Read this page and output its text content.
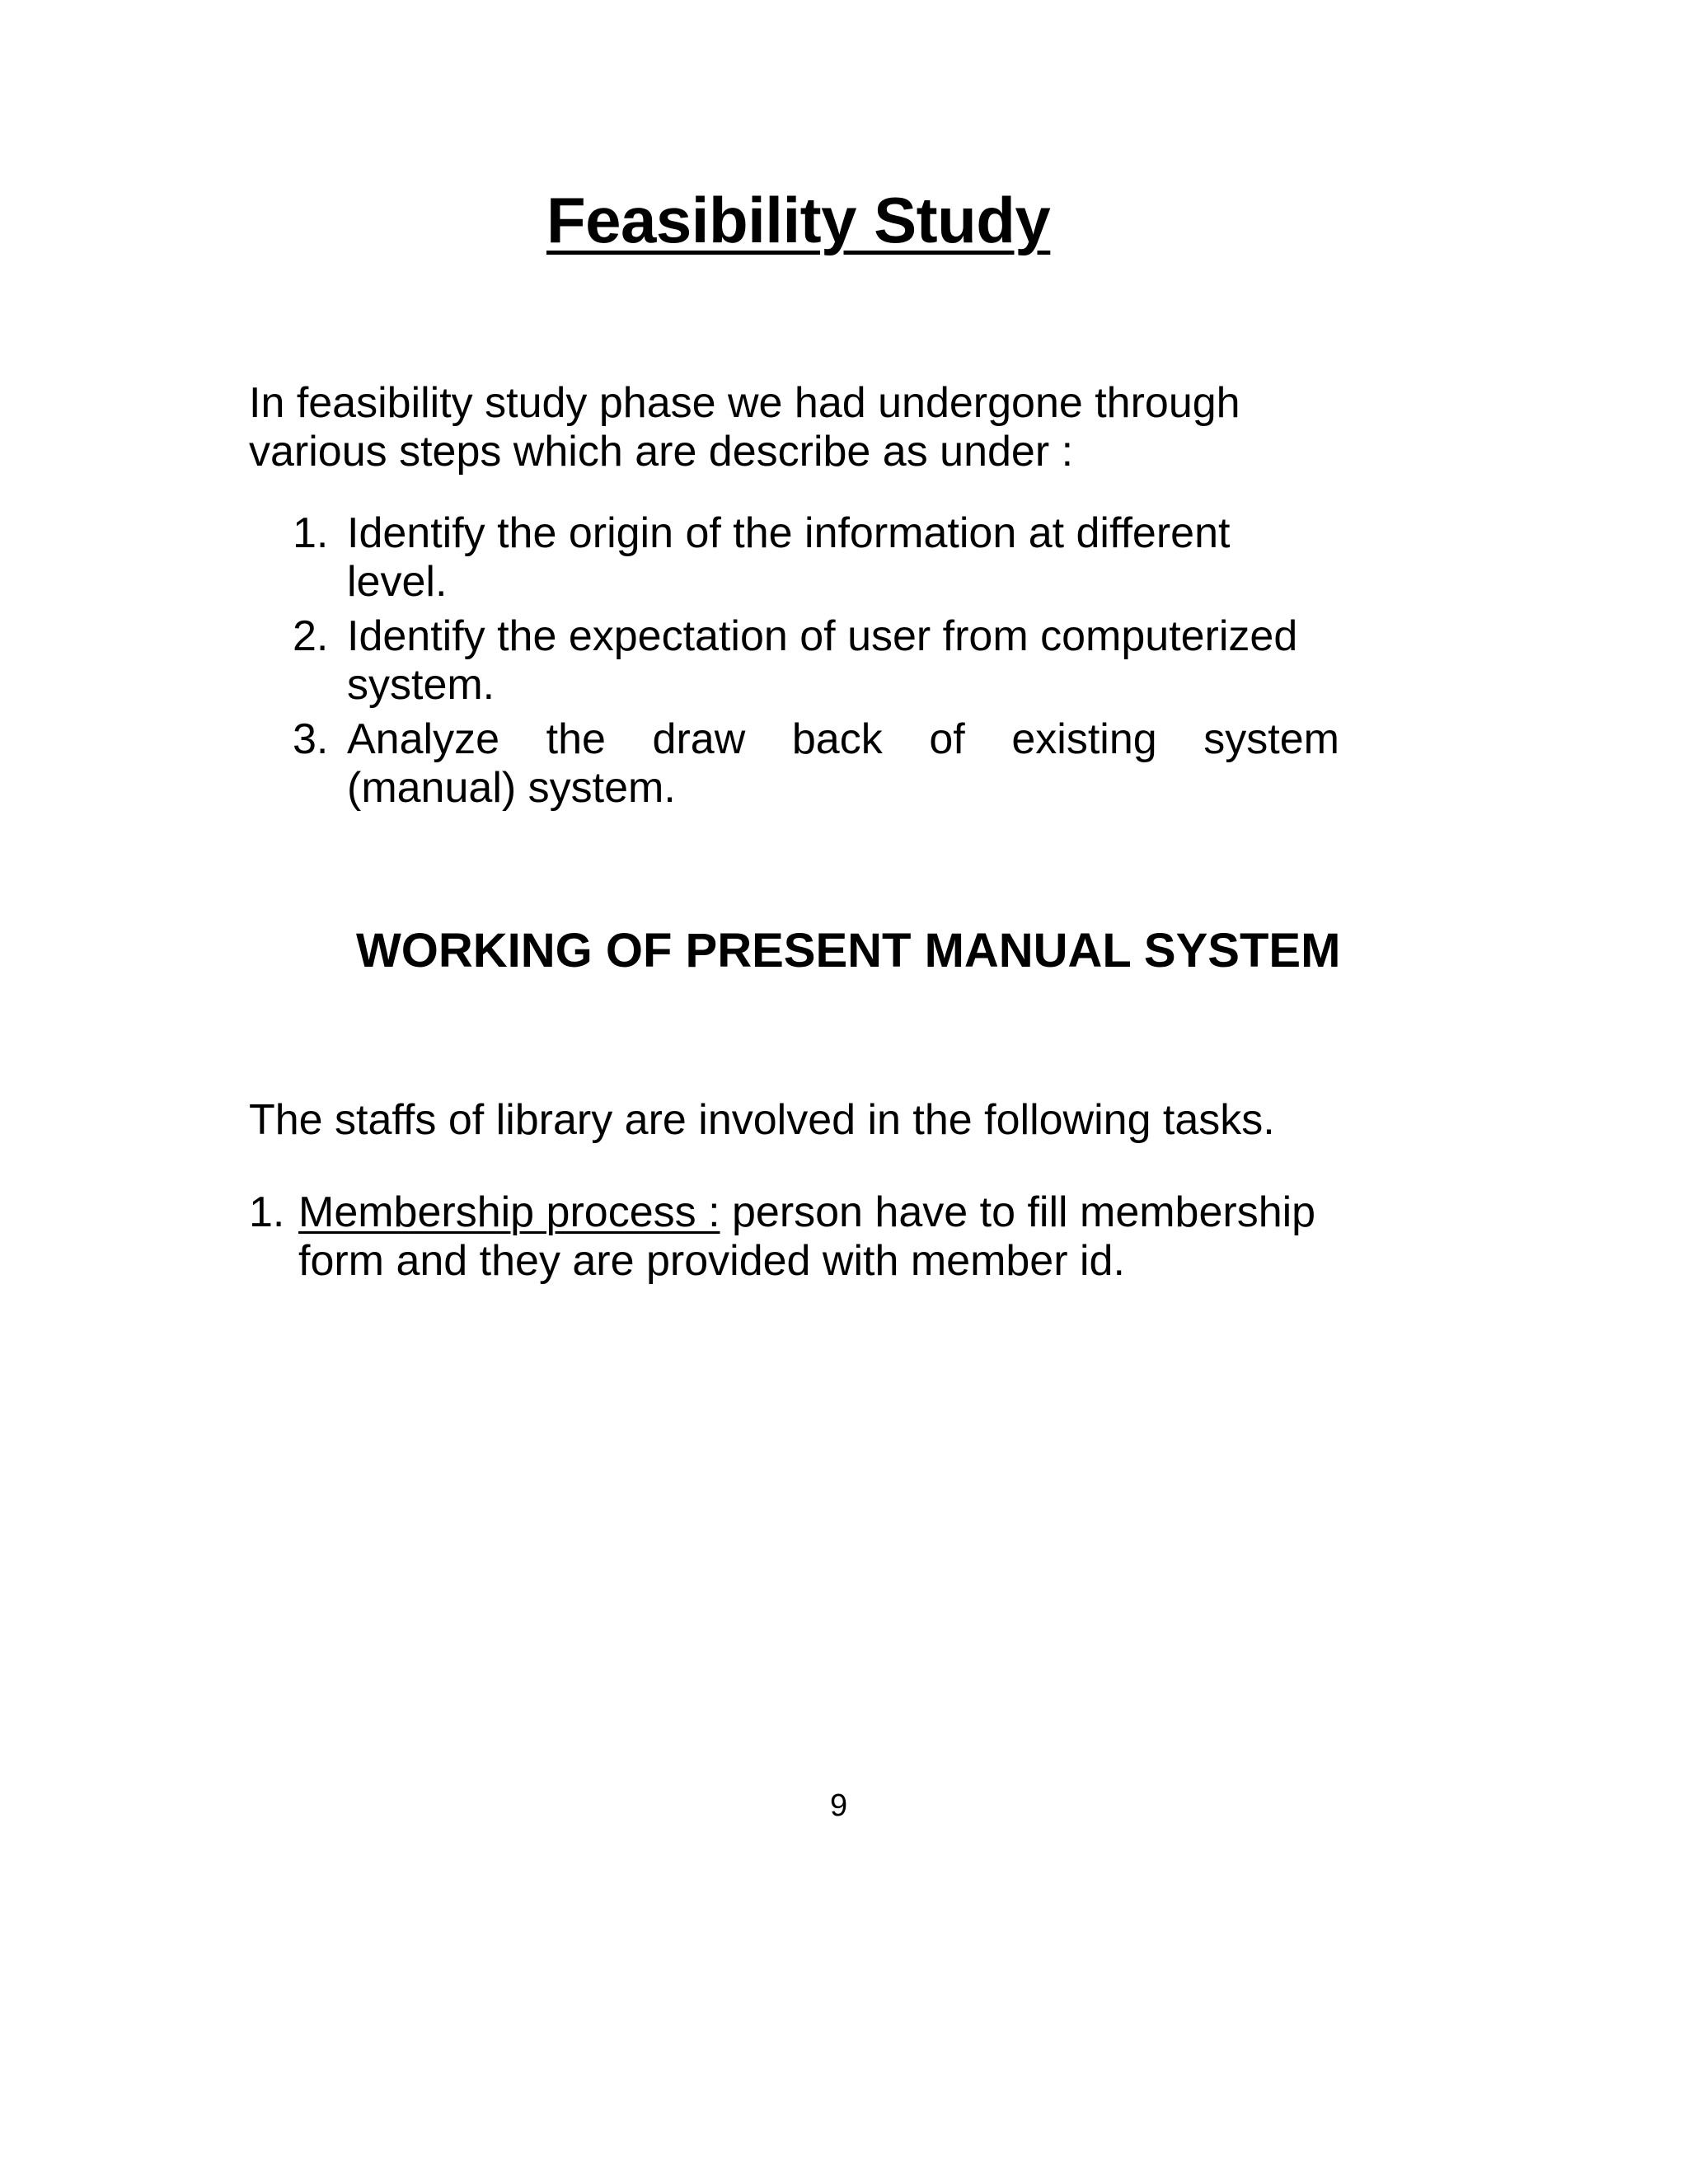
Feasibility Study

In feasibility study phase we had undergone through
various steps which are describe as under :

1. Identify the origin of the information at different level.
2. Identify the expectation of user from computerized
system.
3. Analyze the draw back of existing system
(manual) system.
WORKING OF PRESENT MANUAL SYSTEM

The staffs of library are involved in the following tasks.

1. Membership process : person have to fill membership
form and they are provided with member id.

9
